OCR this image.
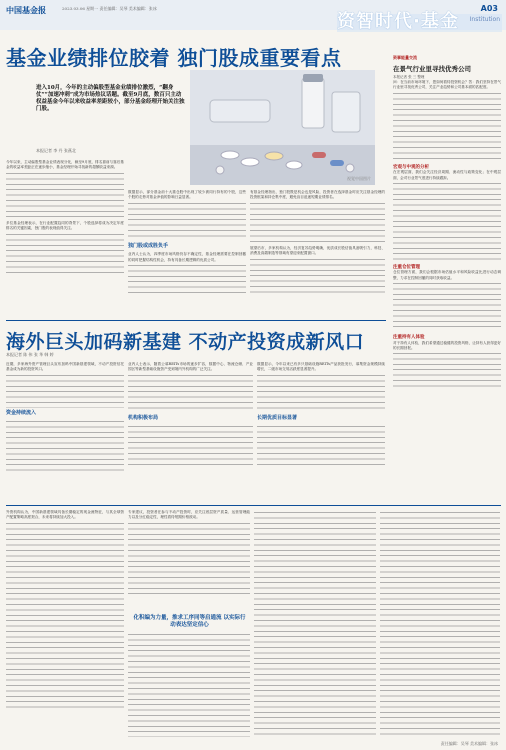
中国基金报	2023.03.06 星期一 责任编辑：吴琴 美术编辑：张冰
资智时代·基金
A03
Institution
基金业绩排位胶着 独门股成重要看点
进入10月，今年的主动偏股型基金业绩排位激烈，“翻身仗”“加速冲刺”成为市场热议话题。截至9月底，数百只主动权益基金今年以来收益率差距较小，部分基金经理开始关注独门股。
本报记者 李 丹 张燕北
视觉中国图片
今年以来，主动偏股型基金业绩表现分化，截至9月底，排名靠前与靠后基金的收益率差距正在逐步缩小，基金经理开始寻找新的超额收益来源。
多位基金经理表示，在行业配置趋同的背景下，个股选择将成为决定年度排名的关键因素，独门股的表现值得关注。
数据显示，部分基金前十大重仓股中出现了较少被同行持有的个股，这些个股的走势对基金净值的影响日益显著。
独门股或成胜负手
业内人士认为，四季度市场风格仍存不确定性，基金经理需要在控制回撤的同时把握结构性机会，持有具备长期逻辑的优质公司。
有基金经理指出，独门股既是机会也是风险，投资者在选择基金时应关注基金经理的投资框架和持仓集中度，避免盲目追逐短期业绩排名。
展望后市，多家机构认为，经济复苏趋势明确，优质成长股估值具备吸引力，科技、消费及高端制造等领域有望迎来配置窗口。
资事能量交流
在景气行业里寻找优秀公司
本报记者 张 三 整理
问：在当前市场环境下，您如何看待投资机会？答：我们坚持在景气行业里寻找优秀公司，关注产业趋势和公司基本面的匹配度。
宏观与中观的分析
在宏观层面，我们会关注经济周期、流动性与政策变化；在中观层面，会对行业景气度进行持续跟踪。
注重仓位管理
仓位管理方面，我们会根据市场估值水平和风险收益比进行动态调整，力求在控制回撤的同时获取收益。
注重持有人体验
对于持有人体验，我们希望通过稳健的投资风格，让持有人获得更好的长期回报。
海外巨头加码新基建 不动产投资成新风口
本报记者 陈 伟 张 华 韩 婷
近期，多家海外资产管理巨头宣布加码中国新基建领域，不动产投资信托基金成为新的投资风口。
资金持续流入
业内人士表示，随着公募REITs市场的逐步扩容，数据中心、物流仓储、产业园区等新型基础设施资产受到境内外机构的广泛关注。
机构积极布局
数据显示，今年以来已有多只基础设施REITs产品获批发行，募集资金规模持续增长，二级市场交易活跃度显著提升。
长期优质目标显著
外资机构认为，中国新基建领域具备长期稳定的现金流特征，与其全球资产配置策略高度契合，未来将持续加大投入。
专家建议，投资者在参与不动产投资时，应关注底层资产质量、运营管理能力以及分红稳定性，理性看待短期价格波动。
化积编为力量，推求工序同等启通流 以实际行动表达坚定信心
责任编辑：吴琴 美术编辑：张冰
